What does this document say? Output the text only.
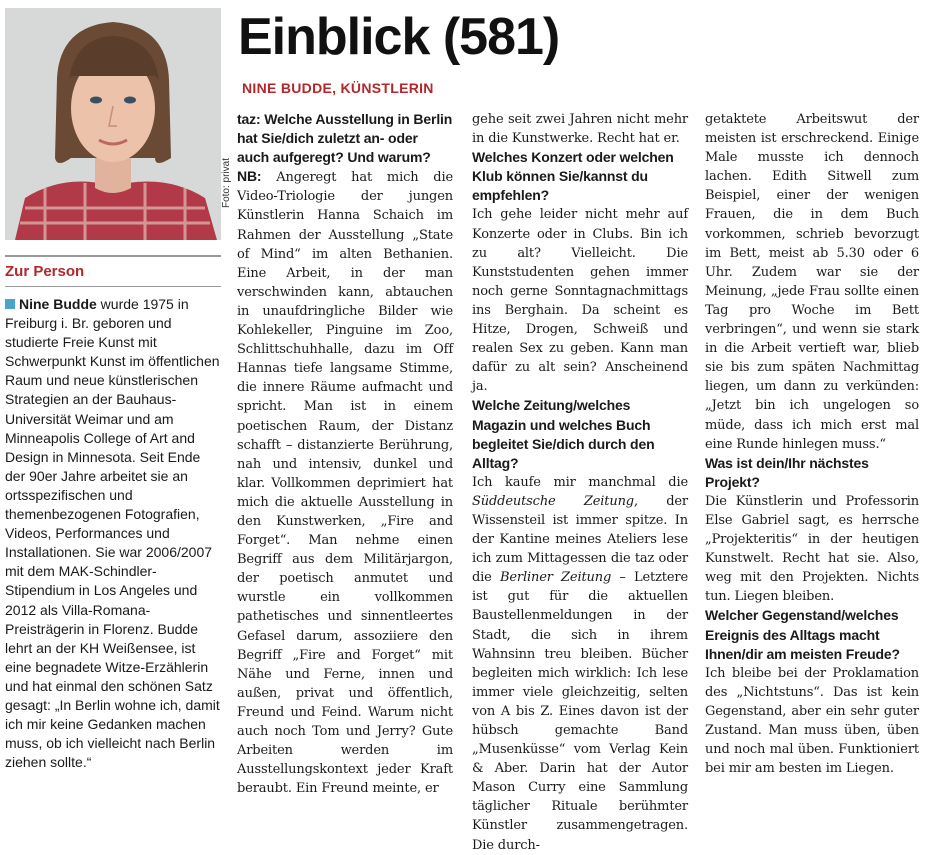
Foto: privat
Einblick (581)
NINE BUDDE, KÜNSTLERIN
Zur Person

Nine Budde wurde 1975 in Freiburg i. Br. geboren und studierte Freie Kunst mit Schwerpunkt Kunst im öffentlichen Raum und neue künstlerischen Strategien an der Bauhaus-Universität Weimar und am Minneapolis College of Art and Design in Minnesota. Seit Ende der 90er Jahre arbeitet sie an ortsspezifischen und themenbezogenen Fotografien, Videos, Performances und Installationen. Sie war 2006/2007 mit dem MAK-Schindler-Stipendium in Los Angeles und 2012 als Villa-Romana-Preisträgerin in Florenz. Budde lehrt an der KH Weißensee, ist eine begnadete Witze-Erzählerin und hat einmal den schönen Satz gesagt: „In Berlin wohne ich, damit ich mir keine Gedanken machen muss, ob ich vielleicht nach Berlin ziehen sollte.“

taz: Welche Ausstellung in Berlin hat Sie/dich zuletzt an- oder auch aufgeregt? Und warum?

NB: Angeregt hat mich die Video-Triologie der jungen Künstlerin Hanna Schaich im Rahmen der Ausstellung „State of Mind“ im alten Bethanien. Eine Arbeit, in der man verschwinden kann, abtauchen in unaufdringliche Bilder wie Kohlekeller, Pinguine im Zoo, Schlittschuhhalle, dazu im Off Hannas tiefe langsame Stimme, die innere Räume aufmacht und spricht. Man ist in einem poetischen Raum, der Distanz schafft – distanzierte Berührung, nah und intensiv, dunkel und klar. Vollkommen deprimiert hat mich die aktuelle Ausstellung in den Kunstwerken, „Fire and Forget“. Man nehme einen Begriff aus dem Militärjargon, der poetisch anmutet und wurstle ein vollkommen pathetisches und sinnentleertes Gefasel darum, assoziiere den Begriff „Fire and Forget“ mit Nähe und Ferne, innen und außen, privat und öffentlich, Freund und Feind. Warum nicht auch noch Tom und Jerry? Gute Arbeiten werden im Ausstellungskontext jeder Kraft beraubt. Ein Freund meinte, er

gehe seit zwei Jahren nicht mehr in die Kunstwerke. Recht hat er.

Welches Konzert oder welchen Klub können Sie/kannst du empfehlen?

Ich gehe leider nicht mehr auf Konzerte oder in Clubs. Bin ich zu alt? Vielleicht. Die Kunststudenten gehen immer noch gerne Sonntagnachmittags ins Berghain. Da scheint es Hitze, Drogen, Schweiß und realen Sex zu geben. Kann man dafür zu alt sein? Anscheinend ja.

Welche Zeitung/welches Magazin und welches Buch begleitet Sie/dich durch den Alltag?

Ich kaufe mir manchmal die Süddeutsche Zeitung, der Wissensteil ist immer spitze. In der Kantine meines Ateliers lese ich zum Mittagessen die taz oder die Berliner Zeitung – Letztere ist gut für die aktuellen Baustellenmeldungen in der Stadt, die sich in ihrem Wahnsinn treu bleiben. Bücher begleiten mich wirklich: Ich lese immer viele gleichzeitig, selten von A bis Z. Eines davon ist der hübsch gemachte Band „Musenküsse“ vom Verlag Kein & Aber. Darin hat der Autor Mason Curry eine Sammlung täglicher Rituale berühmter Künstler zusammengetragen. Die durch-

getaktete Arbeitswut der meisten ist erschreckend. Einige Male musste ich dennoch lachen. Edith Sitwell zum Beispiel, einer der wenigen Frauen, die in dem Buch vorkommen, schrieb bevorzugt im Bett, meist ab 5.30 oder 6 Uhr. Zudem war sie der Meinung, „jede Frau sollte einen Tag pro Woche im Bett verbringen“, und wenn sie stark in die Arbeit vertieft war, blieb sie bis zum späten Nachmittag liegen, um dann zu verkünden: „Jetzt bin ich ungelogen so müde, dass ich mich erst mal eine Runde hinlegen muss.“

Was ist dein/Ihr nächstes Projekt?

Die Künstlerin und Professorin Else Gabriel sagt, es herrsche „Projekteritis“ in der heutigen Kunstwelt. Recht hat sie. Also, weg mit den Projekten. Nichts tun. Liegen bleiben.

Welcher Gegenstand/welches Ereignis des Alltags macht Ihnen/dir am meisten Freude?

Ich bleibe bei der Proklamation des „Nichtstuns“. Das ist kein Gegenstand, aber ein sehr guter Zustand. Man muss üben, üben und noch mal üben. Funktioniert bei mir am besten im Liegen.
